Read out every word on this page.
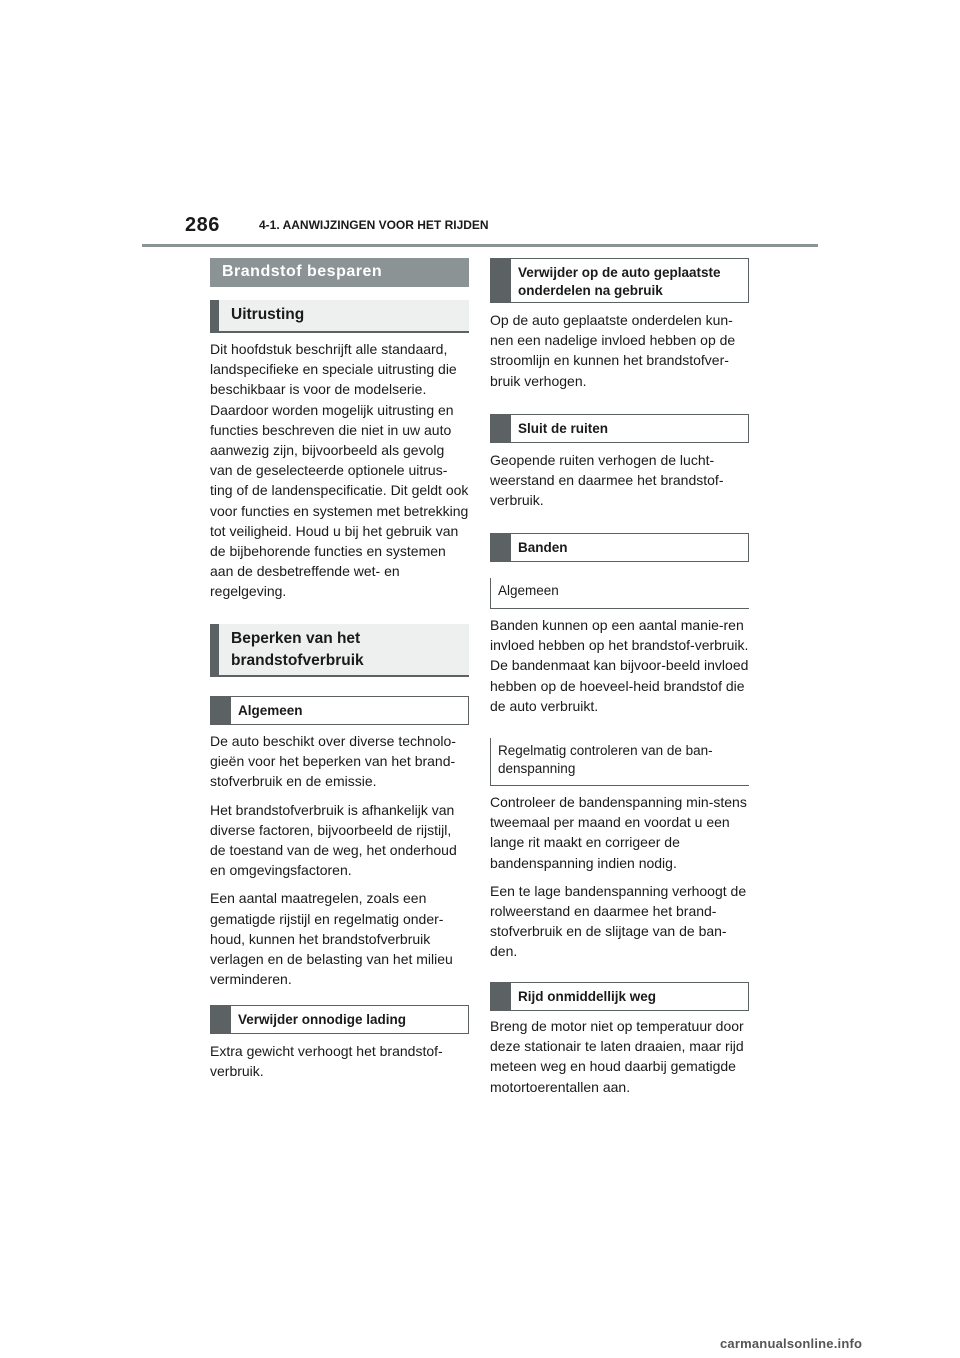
286	4-1. AANWIJZINGEN VOOR HET RIJDEN
Brandstof besparen
Uitrusting

Dit hoofdstuk beschrijft alle standaard, landspecifieke en speciale uitrusting die beschikbaar is voor de modelserie. Daardoor worden mogelijk uitrusting en functies beschreven die niet in uw auto aanwezig zijn, bijvoorbeeld als gevolg van de geselecteerde optionele uitrus-ting of de landenspecificatie. Dit geldt ook voor functies en systemen met betrekking tot veiligheid. Houd u bij het gebruik van de bijbehorende functies en systemen aan de desbetreffende wet- en regelgeving.

Beperken van het
brandstofverbruik
Algemeen

De auto beschikt over diverse technolo-gieën voor het beperken van het brand-stofverbruik en de emissie.

Het brandstofverbruik is afhankelijk van diverse factoren, bijvoorbeeld de rijstijl, de toestand van de weg, het onderhoud en omgevingsfactoren.

Een aantal maatregelen, zoals een gematigde rijstijl en regelmatig onder-houd, kunnen het brandstofverbruik verlagen en de belasting van het milieu verminderen.

Verwijder onnodige lading

Extra gewicht verhoogt het brandstof-verbruik.

Verwijder op de auto geplaatste
onderdelen na gebruik

Op de auto geplaatste onderdelen kun-nen een nadelige invloed hebben op de stroomlijn en kunnen het brandstofver-bruik verhogen.

Sluit de ruiten

Geopende ruiten verhogen de lucht-weerstand en daarmee het brandstof-verbruik.

Banden
Algemeen

Banden kunnen op een aantal manie-ren invloed hebben op het brandstof-verbruik. De bandenmaat kan bijvoor-beeld invloed hebben op de hoeveel-heid brandstof die de auto verbruikt.

Regelmatig controleren van de ban-
denspanning

Controleer de bandenspanning min-stens tweemaal per maand en voordat u een lange rit maakt en corrigeer de bandenspanning indien nodig.

Een te lage bandenspanning verhoogt de rolweerstand en daarmee het brand-stofverbruik en de slijtage van de ban-den.

Rijd onmiddellijk weg

Breng de motor niet op temperatuur door deze stationair te laten draaien, maar rijd meteen weg en houd daarbij gematigde motortoerentallen aan.

carmanualsonline.info
